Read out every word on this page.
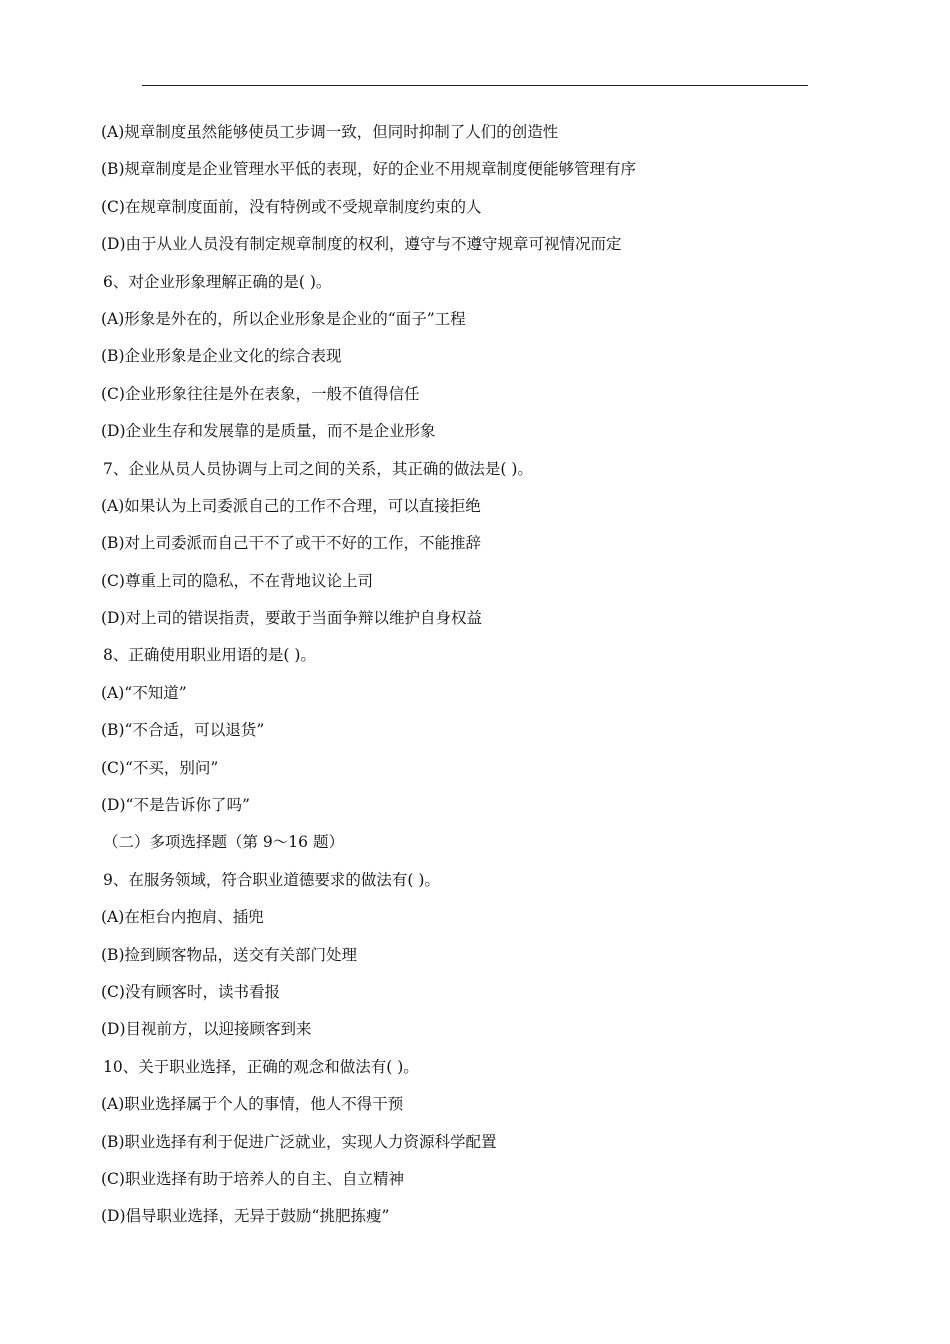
(A)规章制度虽然能够使员工步调一致，但同时抑制了人们的创造性
(B)规章制度是企业管理水平低的表现，好的企业不用规章制度便能够管理有序
(C)在规章制度面前，没有特例或不受规章制度约束的人
(D)由于从业人员没有制定规章制度的权利，遵守与不遵守规章可视情况而定
6、对企业形象理解正确的是( )。
(A)形象是外在的，所以企业形象是企业的“面子”工程
(B)企业形象是企业文化的综合表现
(C)企业形象往往是外在表象，一般不值得信任
(D)企业生存和发展靠的是质量，而不是企业形象
7、企业从员人员协调与上司之间的关系，其正确的做法是( )。
(A)如果认为上司委派自己的工作不合理，可以直接拒绝
(B)对上司委派而自己干不了或干不好的工作，不能推辞
(C)尊重上司的隐私，不在背地议论上司
(D)对上司的错误指责，要敢于当面争辩以维护自身权益
8、正确使用职业用语的是( )。
(A)“不知道”
(B)“不合适，可以退货”
(C)“不买，别问”
(D)“不是告诉你了吗”
（二）多项选择题（第 9～16 题）
9、在服务领域，符合职业道德要求的做法有( )。
(A)在柜台内抱肩、插兜
(B)捡到顾客物品，送交有关部门处理
(C)没有顾客时，读书看报
(D)目视前方，以迎接顾客到来
10、关于职业选择，正确的观念和做法有( )。
(A)职业选择属于个人的事情，他人不得干预
(B)职业选择有利于促进广泛就业，实现人力资源科学配置
(C)职业选择有助于培养人的自主、自立精神
(D)倡导职业选择，无异于鼓励“挑肥拣瘦”
